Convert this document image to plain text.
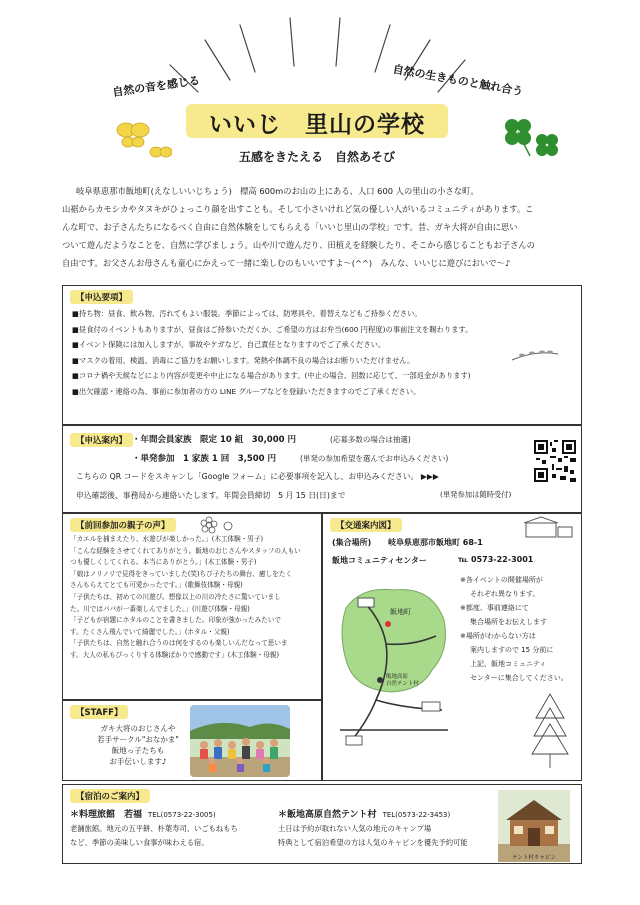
自然の音を感じる	自然の生きものと触れ合う
いいじ　里山の学校
五感をきたえる　自然あそび

岐阜県恵那市飯地町(えなしいいじちょう)　標高 600mのお山の上にある、人口 600 人の里山の小さな町。

山裾からカモシカやタヌキがひょっこり顔を出すことも。そして小さいけれど気の優しい人がいるコミュニティがあります。こ

んな町で、お子さんたちになるべく自由に自然体験をしてもらえる「いいじ里山の学校」です。昔、ガキ大将が自由に思い

ついて遊んだようなことを、自然に学びましょう。山や川で遊んだり、田植えを経験したり、そこから感じることもお子さんの

自由です。お父さんお母さんも童心にかえって一緒に楽しむのもいいですよ～(^^)　みんな、いいじに遊びにおいで～♪

【申込要項】
■持ち物：昼食、飲み物、汚れてもよい服装。季節によっては、防寒具や、着替えなどもご持参ください。
■昼食付のイベントもありますが、昼食はご持参いただくか、ご希望の方はお弁当(600 円程度)の事前注文を賜わります。
■イベント保険には加入しますが、事故やケガなど、自己責任となりますのでご了承ください。
■マスクの着用、検温、消毒にご協力をお願いします。発熱や体調不良の場合はお断りいただけません。
■コロナ禍や天候などにより内容が変更や中止になる場合があります。(中止の場合、回数に応じて、一部返金があります)
■出欠確認・連絡の為、事前に参加者の方の LINE グループなどを登録いただきますのでご了承ください。
【申込案内】 ・年間会員家族　限定 10 組　30,000 円	(応募多数の場合は抽選)
・単発参加　1 家族 1 回　3,500 円	(単発の参加希望を選んでお申込みください)
こちらの QR コードをスキャンし「Google フォーム」に必要事項を記入し、お申込みください。 ▶▶▶
申込確認後、事務局から連絡いたします。年間会員締切　5 月 15 日(日)まで	(単発参加は随時受付)
【前回参加の親子の声】
「カエルを捕まえたり、水遊びが楽しかった。」(木工体験・男子)
「こんな経験をさせてくれてありがとう。飯地のおじさんやスタッフの人もい
つも優しくしてくれる。本当にありがとう。」(木工体験・男子)
「娘はノリノリで見得をきっていました(笑)ちび子たちの舞台、癒しをたく
さんもらえてとても可愛かったです。」(歌舞伎体験・母親)
「子供たちは、初めての川遊び。想像以上の川の冷たさに驚いていまし
た。川ではパパが一番楽しんでました。」(川遊び体験・母親)
「子どもが宿題にホタルのことを書きました。印象が強かったみたいで
す。たくさん飛んでいて綺麗でした。」(ホタル・父親)
「子供たちは、自然と触れ合うのは何をするのも楽しいんだなって思いま
す。大人の私もびっくりする体験ばかりで感動です」(木工体験・母親)
【交通案内図】
(集合場所) 岐阜県恵那市飯地町 68-1
飯地コミュニティセンター	℡ 0573-22-3001
飯地町
飯地高原 自然テント村
※各イベントの開催場所が
それぞれ異なります。
※都度、事前連絡にて
集合場所をお伝えします
※場所がわからない方は
案内しますので 15 分前に
上記、飯地コミュニティ
センターに集合してください。
【STAFF】
ガキ大将のおじさんや
若手サークル"おなかま"
飯地っ子たちも
お手伝いします♪
【宿泊のご案内】
＊料理旅館　若福 TEL(0573-22-3005)
老舗旅館。地元の五平餅、朴葉寿司、いごもねもち
など、季節の美味しい食事が味わえる宿。
＊飯地高原自然テント村 TEL(0573-22-3453)
土日は予約が取れない人気の地元のキャンプ場
特典として宿泊希望の方は人気のキャビンを優先予約可能
テント村キャビン
